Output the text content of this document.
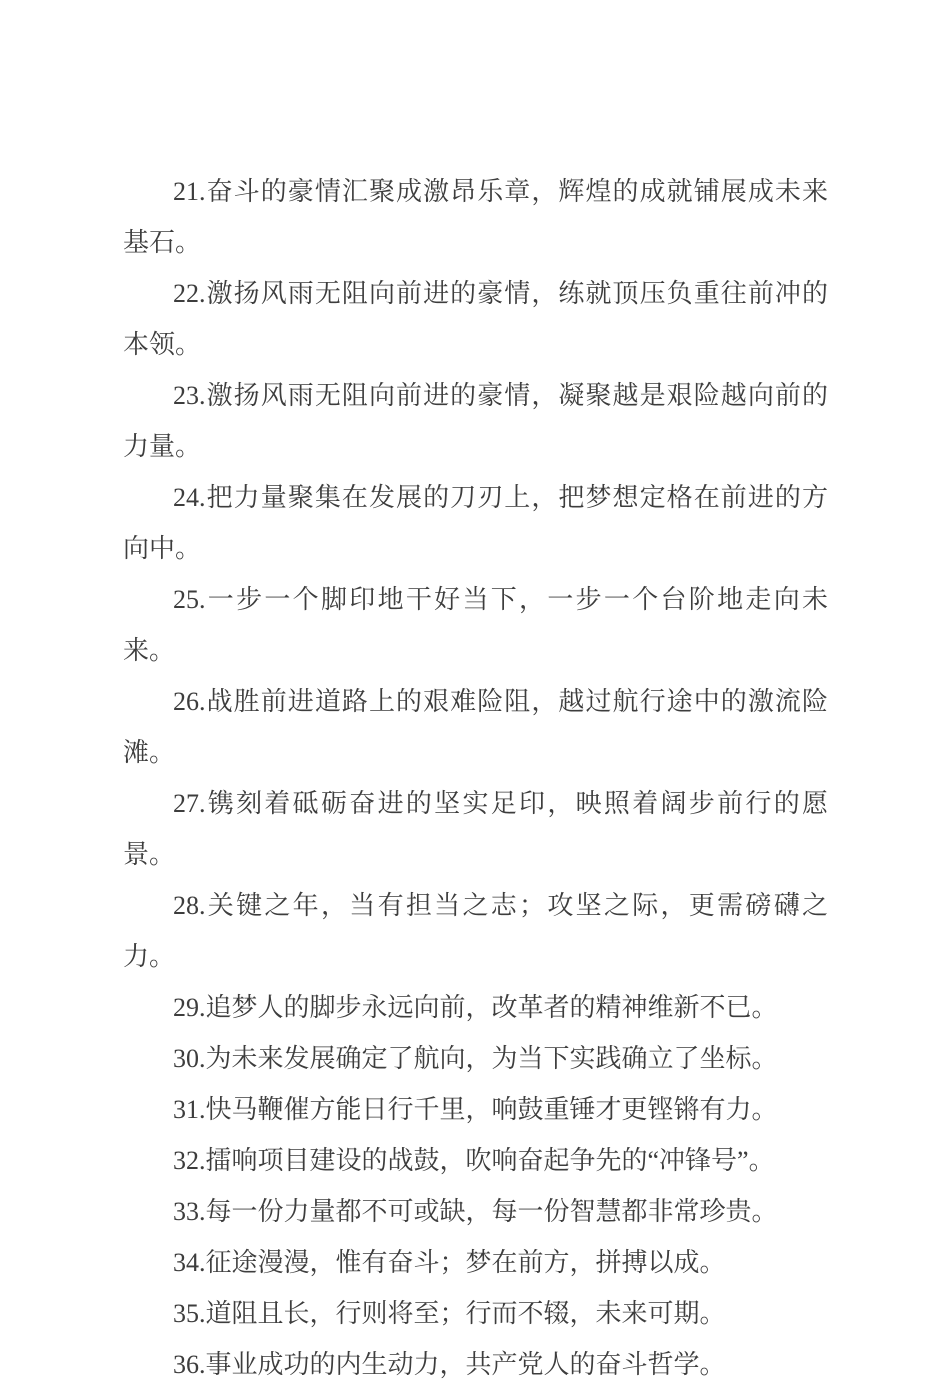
21.奋斗的豪情汇聚成激昂乐章，辉煌的成就铺展成未来基石。

22.激扬风雨无阻向前进的豪情，练就顶压负重往前冲的本领。

23.激扬风雨无阻向前进的豪情，凝聚越是艰险越向前的力量。

24.把力量聚集在发展的刀刃上，把梦想定格在前进的方向中。

25.一步一个脚印地干好当下，一步一个台阶地走向未来。

26.战胜前进道路上的艰难险阻，越过航行途中的激流险滩。

27.镌刻着砥砺奋进的坚实足印，映照着阔步前行的愿景。

28.关键之年，当有担当之志；攻坚之际，更需磅礴之力。

29.追梦人的脚步永远向前，改革者的精神维新不已。

30.为未来发展确定了航向，为当下实践确立了坐标。

31.快马鞭催方能日行千里，响鼓重锤才更铿锵有力。

32.擂响项目建设的战鼓，吹响奋起争先的“冲锋号”。

33.每一份力量都不可或缺，每一份智慧都非常珍贵。

34.征途漫漫，惟有奋斗；梦在前方，拼搏以成。

35.道阻且长，行则将至；行而不辍，未来可期。

36.事业成功的内生动力，共产党人的奋斗哲学。
